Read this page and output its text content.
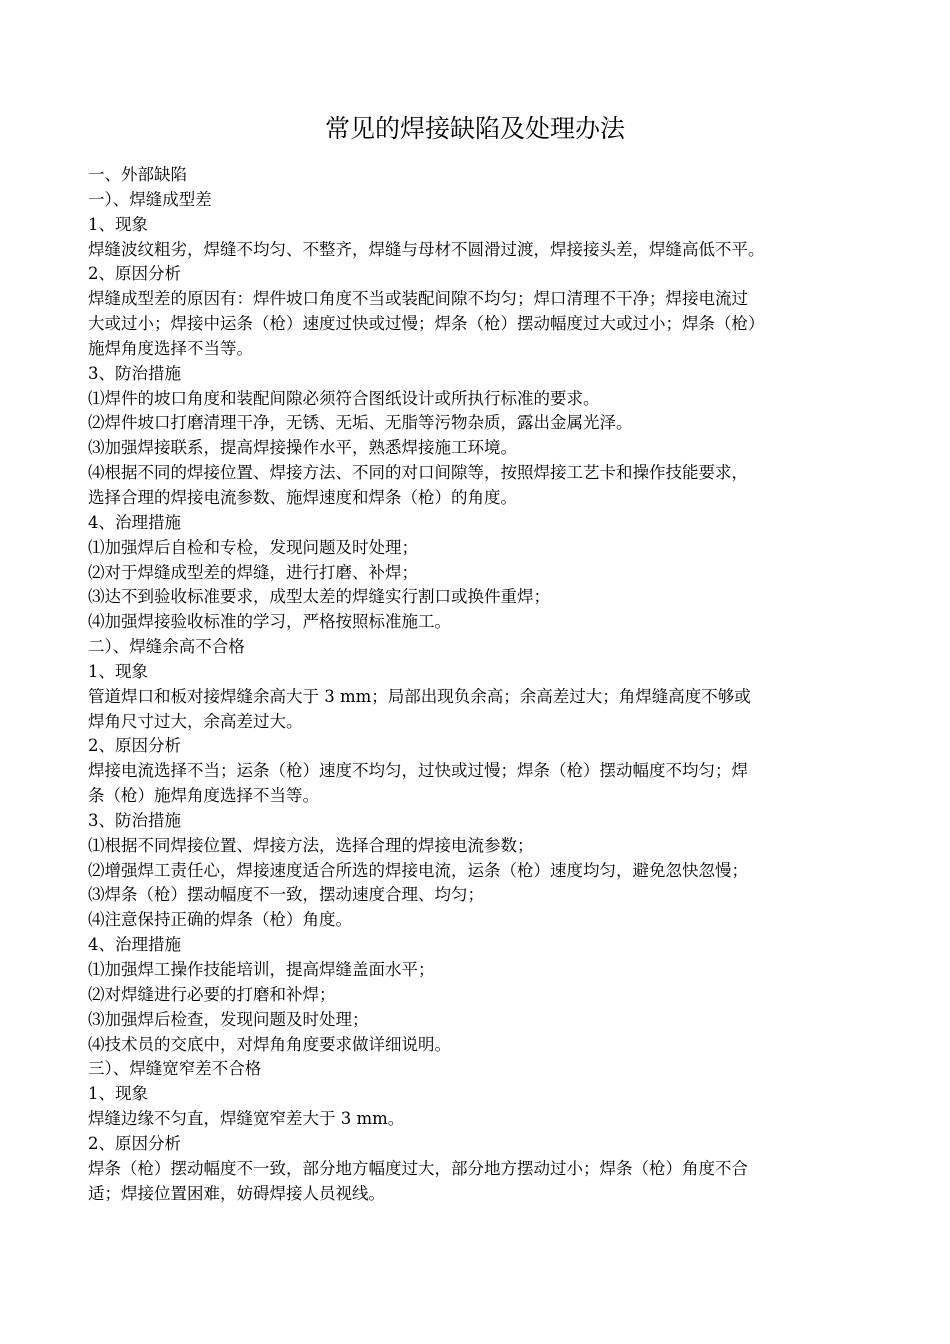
常见的焊接缺陷及处理办法
一、外部缺陷
一）、焊缝成型差
1、现象
焊缝波纹粗劣，焊缝不均匀、不整齐，焊缝与母材不圆滑过渡，焊接接头差，焊缝高低不平。
2、原因分析
焊缝成型差的原因有：焊件坡口角度不当或装配间隙不均匀；焊口清理不干净；焊接电流过
大或过小；焊接中运条（枪）速度过快或过慢；焊条（枪）摆动幅度过大或过小；焊条（枪）
施焊角度选择不当等。
3、防治措施
⑴焊件的坡口角度和装配间隙必须符合图纸设计或所执行标准的要求。
⑵焊件坡口打磨清理干净，无锈、无垢、无脂等污物杂质，露出金属光泽。
⑶加强焊接联系，提高焊接操作水平，熟悉焊接施工环境。
⑷根据不同的焊接位置、焊接方法、不同的对口间隙等，按照焊接工艺卡和操作技能要求，
选择合理的焊接电流参数、施焊速度和焊条（枪）的角度。
4、治理措施
⑴加强焊后自检和专检，发现问题及时处理；
⑵对于焊缝成型差的焊缝，进行打磨、补焊；
⑶达不到验收标准要求，成型太差的焊缝实行割口或换件重焊；
⑷加强焊接验收标准的学习，严格按照标准施工。
二）、焊缝余高不合格
1、现象
管道焊口和板对接焊缝余高大于 3 mm；局部出现负余高；余高差过大；角焊缝高度不够或
焊角尺寸过大，余高差过大。
2、原因分析
焊接电流选择不当；运条（枪）速度不均匀，过快或过慢；焊条（枪）摆动幅度不均匀；焊
条（枪）施焊角度选择不当等。
3、防治措施
⑴根据不同焊接位置、焊接方法，选择合理的焊接电流参数；
⑵增强焊工责任心，焊接速度适合所选的焊接电流，运条（枪）速度均匀，避免忽快忽慢；
⑶焊条（枪）摆动幅度不一致，摆动速度合理、均匀；
⑷注意保持正确的焊条（枪）角度。
4、治理措施
⑴加强焊工操作技能培训，提高焊缝盖面水平；
⑵对焊缝进行必要的打磨和补焊；
⑶加强焊后检查，发现问题及时处理；
⑷技术员的交底中，对焊角角度要求做详细说明。
三）、焊缝宽窄差不合格
1、现象
焊缝边缘不匀直，焊缝宽窄差大于 3 mm。
2、原因分析
焊条（枪）摆动幅度不一致，部分地方幅度过大，部分地方摆动过小；焊条（枪）角度不合
适；焊接位置困难，妨碍焊接人员视线。
